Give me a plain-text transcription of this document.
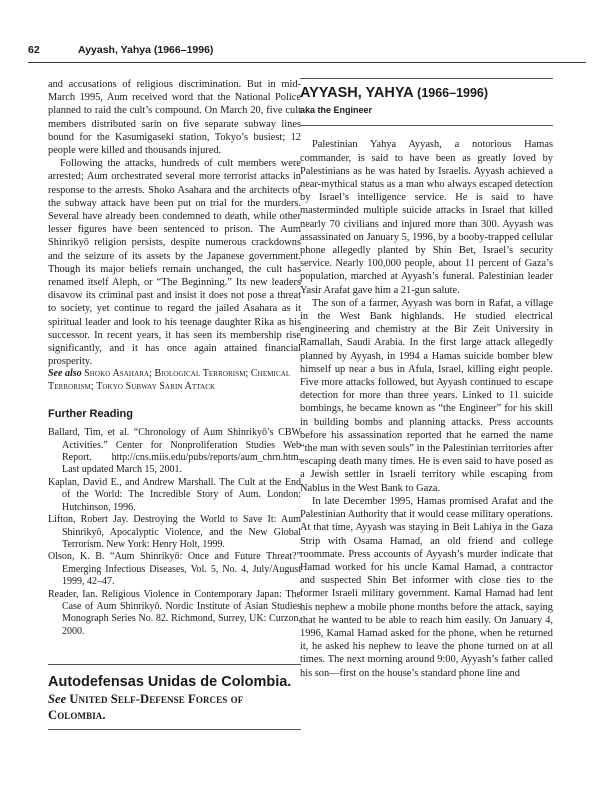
62	Ayyash, Yahya (1966–1996)

and accusations of religious discrimination. But in mid-March 1995, Aum received word that the National Police planned to raid the cult’s compound. On March 20, five cult members distributed sarin on five separate subway lines bound for the Kasumigaseki station, Tokyo’s busiest; 12 people were killed and thousands injured.

Following the attacks, hundreds of cult members were arrested; Aum orchestrated several more terrorist attacks in response to the arrests. Shoko Asahara and the architects of the subway attack have been put on trial for the murders. Several have already been condemned to death, while other lesser figures have been sentenced to prison. The Aum Shinrikyō religion persists, despite numerous crackdowns and the seizure of its assets by the Japanese government. Though its major beliefs remain unchanged, the cult has renamed itself Aleph, or “The Beginning.” Its new leaders disavow its criminal past and insist it does not pose a threat to society, yet continue to regard the jailed Asahara as it spiritual leader and look to his teenage daughter Rika as his successor. In recent years, it has seen its membership rise significantly, and it has once again attained financial prosperity.

See also Shoko Asahara; Biological Terrorism; Chemical Terrorism; Tokyo Subway Sarin Attack

Further Reading

Ballard, Tim, et al. “Chronology of Aum Shinrikyō’s CBW Activities.” Center for Nonproliferation Studies Web Report. http://cns.miis.edu/pubs/reports/aum_chrn.htm. Last updated March 15, 2001.

Kaplan, David E., and Andrew Marshall. The Cult at the End of the World: The Incredible Story of Aum. London: Hutchinson, 1996.

Lifton, Robert Jay. Destroying the World to Save It: Aum Shinrikyō, Apocalyptic Violence, and the New Global Terrorism. New York: Henry Holt, 1999.

Olson, K. B. “Aum Shinrikyō: Once and Future Threat?” Emerging Infectious Diseases, Vol. 5, No. 4, July/August 1999, 42–47.

Reader, Ian. Religious Violence in Contemporary Japan: The Case of Aum Shinrikyō. Nordic Institute of Asian Studies Monograph Series No. 82. Richmond, Surrey, UK: Curzon, 2000.

Autodefensas Unidas de Colombia.
See United Self-Defense Forces of Colombia.
AYYASH, YAHYA (1966–1996)
aka the Engineer

Palestinian Yahya Ayyash, a notorious Hamas commander, is said to have been as greatly loved by Palestinians as he was hated by Israelis. Ayyash achieved a near-mythical status as a man who always escaped detection by Israel’s intelligence service. He is said to have masterminded multiple suicide attacks in Israel that killed nearly 70 civilians and injured more than 300. Ayyash was assassinated on January 5, 1996, by a booby-trapped cellular phone allegedly planted by Shin Bet, Israel’s security service. Nearly 100,000 people, about 11 percent of Gaza’s population, marched at Ayyash’s funeral. Palestinian leader Yasir Arafat gave him a 21-gun salute.

The son of a farmer, Ayyash was born in Rafat, a village in the West Bank highlands. He studied electrical engineering and chemistry at the Bir Zeit University in Ramallah, Saudi Arabia. In the first large attack allegedly planned by Ayyash, in 1994 a Hamas suicide bomber blew himself up near a bus in Afula, Israel, killing eight people. Five more attacks followed, but Ayyash continued to escape detection for more than three years. Linked to 11 suicide bombings, he became known as “the Engineer” for his skill in building bombs and planning attacks. Press accounts before his assassination reported that he earned the name “the man with seven souls” in the Palestinian territories after escaping death many times. He is even said to have posed as a Jewish settler in Israeli territory while escaping from Nablus in the West Bank to Gaza.

In late December 1995, Hamas promised Arafat and the Palestinian Authority that it would cease military operations. At that time, Ayyash was staying in Beit Lahiya in the Gaza Strip with Osama Hamad, an old friend and college roommate. Press accounts of Ayyash’s murder indicate that Hamad worked for his uncle Kamal Hamad, a contractor and suspected Shin Bet informer with close ties to the former Israeli military government. Kamal Hamad had lent his nephew a mobile phone months before the attack, saying that he wanted to be able to reach him easily. On January 4, 1996, Kamal Hamad asked for the phone, when he returned it, he asked his nephew to leave the phone turned on at all times. The next morning around 9:00, Ayyash’s father called his son—first on the house’s standard phone line and
